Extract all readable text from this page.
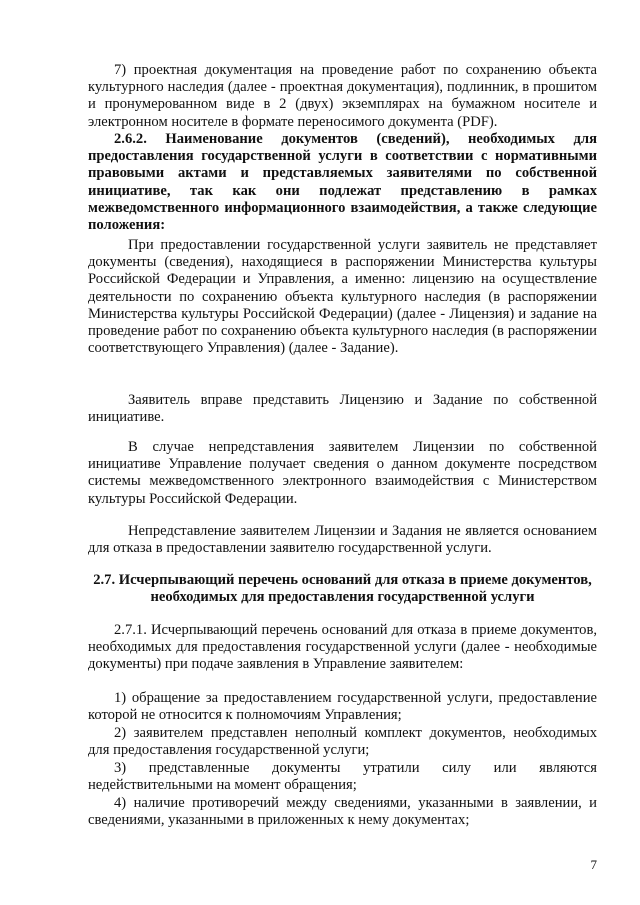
7) проектная документация на проведение работ по сохранению объекта культурного наследия (далее - проектная документация), подлинник, в прошитом и пронумерованном виде в 2 (двух) экземплярах на бумажном носителе и электронном носителе в формате переносимого документа (PDF).

2.6.2. Наименование документов (сведений), необходимых для предоставления государственной услуги в соответствии с нормативными правовыми актами и представляемых заявителями по собственной инициативе, так как они подлежат представлению в рамках межведомственного информационного взаимодействия, а также следующие положения:

При предоставлении государственной услуги заявитель не представляет документы (сведения), находящиеся в распоряжении Министерства культуры Российской Федерации и Управления, а именно: лицензию на осуществление деятельности по сохранению объекта культурного наследия (в распоряжении Министерства культуры Российской Федерации) (далее - Лицензия) и задание на проведение работ по сохранению объекта культурного наследия (в распоряжении соответствующего Управления) (далее - Задание).

Заявитель вправе представить Лицензию и Задание по собственной инициативе.

В случае непредставления заявителем Лицензии по собственной инициативе Управление получает сведения о данном документе посредством системы межведомственного электронного взаимодействия с Министерством культуры Российской Федерации.

Непредставление заявителем Лицензии и Задания не является основанием для отказа в предоставлении заявителю государственной услуги.

2.7. Исчерпывающий перечень оснований для отказа в приеме документов, необходимых для предоставления государственной услуги

2.7.1. Исчерпывающий перечень оснований для отказа в приеме документов, необходимых для предоставления государственной услуги (далее - необходимые документы) при подаче заявления в Управление заявителем:

1) обращение за предоставлением государственной услуги, предоставление которой не относится к полномочиям Управления;

2) заявителем представлен неполный комплект документов, необходимых для предоставления государственной услуги;

3) представленные документы утратили силу или являются недействительными на момент обращения;

4) наличие противоречий между сведениями, указанными в заявлении, и сведениями, указанными в приложенных к нему документах;

7
